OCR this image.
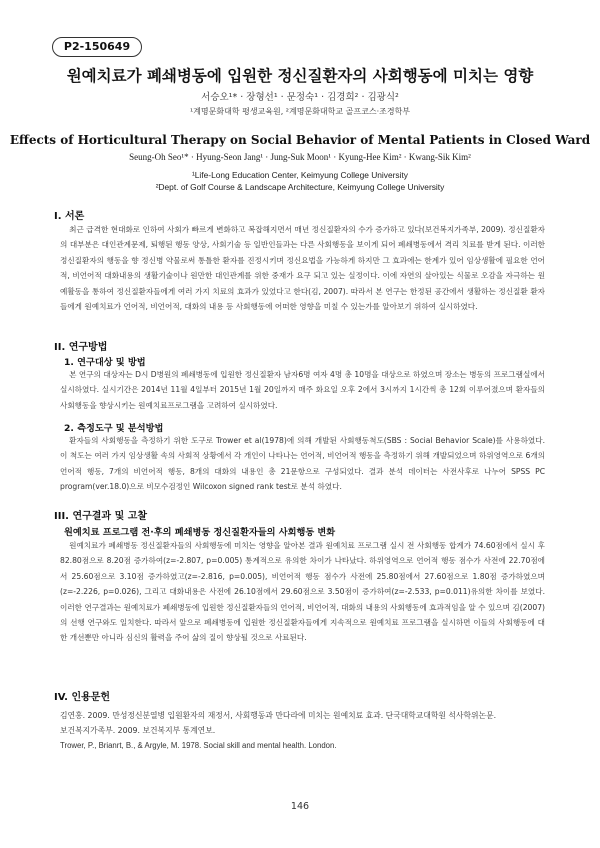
P2-150649
원예치료가 폐쇄병동에 입원한 정신질환자의 사회행동에 미치는 영향
서승오¹* · 장형선¹ · 문정숙¹ · 김경희² · 김광식²
¹계명문화대학 평생교육원, ²계명문화대학교 골프코스·조경학부
Effects of Horticultural Therapy on Social Behavior of Mental Patients in Closed Ward
Seung-Oh Seo¹* · Hyung-Seon Jang¹ · Jung-Suk Moon¹ · Kyung-Hee Kim² · Kwang-Sik Kim²
¹Life-Long Education Center, Keimyung College University
²Dept. of Golf Course & Landscape Architecture, Keimyung College University
I. 서론

최근 급격한 현대화로 인하여 사회가 빠르게 변화하고 복잡해지면서 매년 정신질환자의 수가 증가하고 있다(보건복지가족부, 2009). 정신질환자의 대부분은 대인관계문제, 퇴행된 행동 양상, 사회기술 등 일반인들과는 다른 사회행동을 보이게 되어 폐쇄병동에서 격리 치료를 받게 된다. 이러한 정신질환자의 행동을 향 정신병 약물로써 통틀한 환자를 진정시키며 정신요법을 가능하게 하지만 그 효과에는 한계가 있어 임상생활에 필요한 언어적, 비언어적 대화내용의 생활기술이나 원만한 대인관계를 위한 중재가 요구 되고 있는 실정이다. 이에 자연의 살아있는 식물로 오감을 자극하는 원예활동을 통하여 정신질환자들에게 여러 가지 치료의 효과가 있었다고 한다(김, 2007). 따라서 본 연구는 한정된 공간에서 생활하는 정신질환 환자들에게 원예치료가 언어적, 비언어적, 대화의 내용 등 사회행동에 어떠한 영향을 미칠 수 있는가를 알아보기 위하여 실시하였다.

II. 연구방법
1. 연구대상 및 방법

본 연구의 대상자는 D시 D병원의 폐쇄병동에 입원한 정신질환자 남자6명 여자 4명 총 10명을 대상으로 하였으며 장소는 병동의 프로그램실에서 실시하였다. 실시기간은 2014년 11월 4일부터 2015년 1월 20일까지 매주 화요일 오후 2에서 3시까지 1시간씩 총 12회 이루어졌으며 환자들의 사회행동을 향상시키는 원예치료프로그램을 고려하여 실시하였다.

2. 측정도구 및 분석방법

환자들의 사회행동을 측정하기 위한 도구로 Trower et al(1978)에 의해 개발된 사회행동척도(SBS : Social Behavior Scale)를 사용하였다. 이 척도는 여러 가지 임상생활 속의 사회적 상황에서 각 개인이 나타나는 언어적, 비언어적 행동을 측정하기 위해 개발되었으며 하위영역으로 6개의 언어적 행동, 7개의 비언어적 행동, 8개의 대화의 내용인 총 21문항으로 구성되었다. 결과 분석 데이터는 사전사후로 나누어 SPSS PC program(ver.18.0)으로 비모수검정인 Wilcoxon signed rank test로 분석 하였다.

III. 연구결과 및 고찰
원예치료 프로그램 전·후의 폐쇄병동 정신질환자들의 사회행동 변화

원예치료가 폐쇄병동 정신질환자들의 사회행동에 미치는 영향을 알아본 결과 원예치료 프로그램 실시 전 사회행동 합계가 74.60점에서 실시 후 82.80점으로 8.20점 증가하여(z=-2.807, p=0.005) 통계적으로 유의한 차이가 나타났다. 하위영역으로 언어적 행동 점수가 사전에 22.70점에서 25.60점으로 3.10점 증가하였고(z=-2.816, p=0.005), 비언어적 행동 점수가 사전에 25.80점에서 27.60점으로 1.80점 증가하였으며(z=-2.226, p=0.026), 그리고 대화내용은 사전에 26.10점에서 29.60점으로 3.50점이 증가하여(z=-2.533, p=0.011)유의한 차이를 보였다. 이러한 연구결과는 원예치료가 폐쇄병동에 입원한 정신질환자들의 언어적, 비언어적, 대화의 내용의 사회행동에 효과적임을 알 수 있으며 김(2007)의 선행 연구와도 일치한다. 따라서 앞으로 폐쇄병동에 입원한 정신질환자들에게 지속적으로 원예치료 프로그램을 실시하면 이들의 사회행동에 대한 개선뿐만 아니라 심신의 활력을 주어 삶의 질이 향상될 것으로 사료된다.

IV. 인용문헌

김연홍. 2009. 만성정신분열병 입원환자의 재정서, 사회행동과 만다라에 미치는 원예치료 효과. 단국대학교대학원 석사학위논문.

보건복지가족부. 2009. 보건복지부 통계연보.

Trower, P., Brianrt, B., & Argyle, M. 1978. Social skill and mental health. London.

146
